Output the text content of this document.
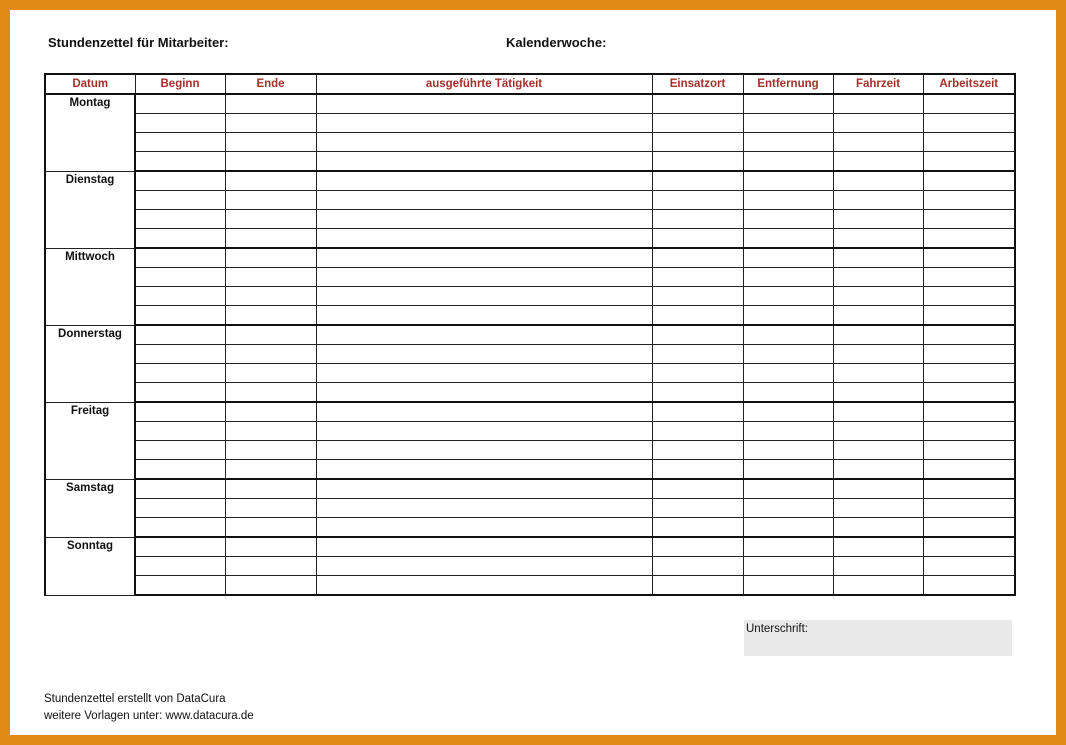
Stundenzettel für Mitarbeiter:	Kalenderwoche:
Datum	Beginn	Ende	ausgeführte Tätigkeit	Einsatzort	Entfernung	Fahrzeit	Arbeitszeit
Montag							

Dienstag							

Mittwoch							

Donnerstag							

Freitag							

Samstag							

Sonntag							

Unterschrift:
Stundenzettel erstellt von DataCura
weitere Vorlagen unter: www.datacura.de
